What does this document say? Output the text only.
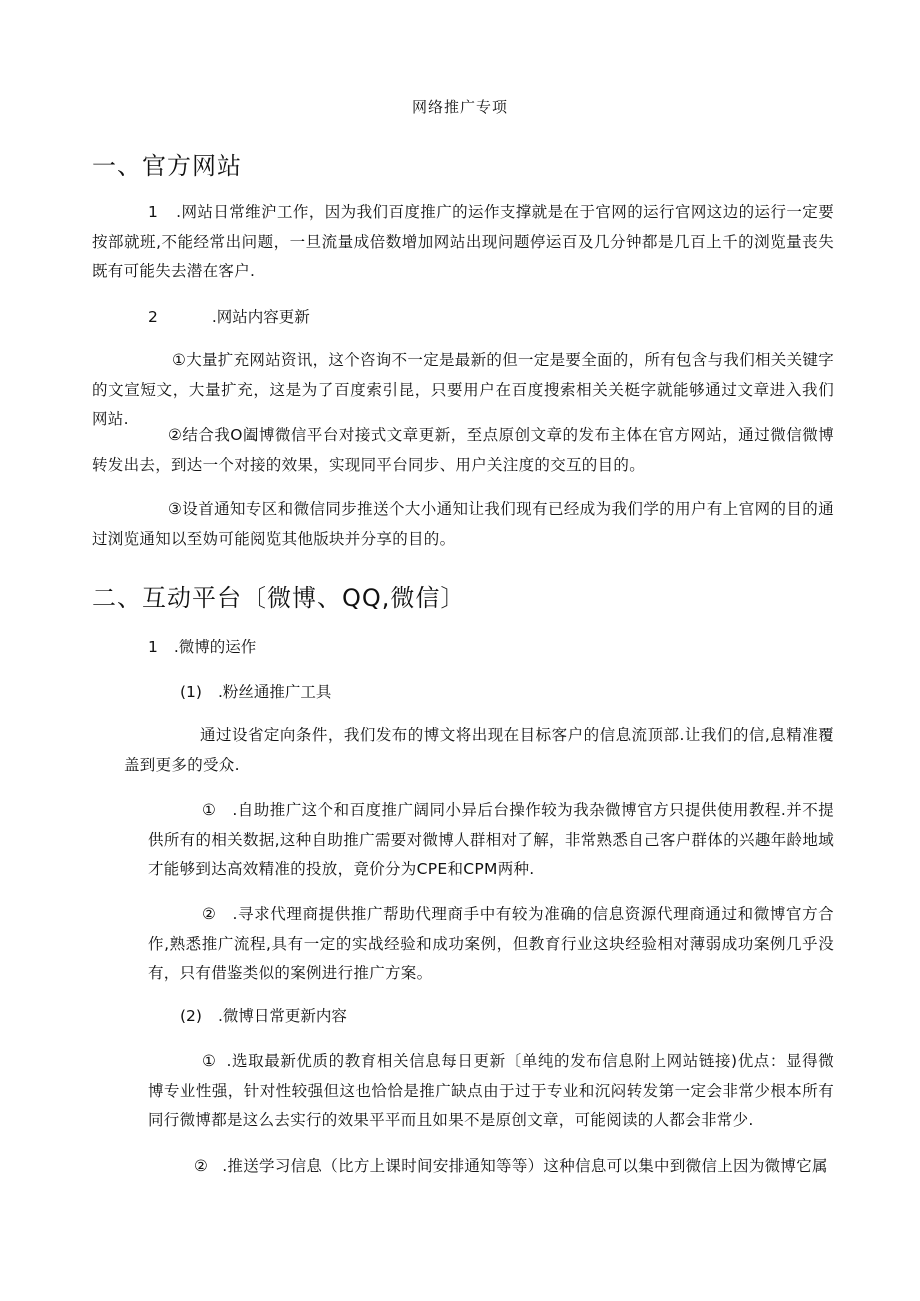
网络推广专项
一、官方网站

1 .网站日常维沪工作，因为我们百度推广的运作支撑就是在于官网的运行官网这边的运行一定要按部就班,不能经常出问题，一旦流量成倍数增加网站出现问题停运百及几分钟都是几百上千的浏览量丧失既有可能失去潜在客户.

2	.网站内容更新

①大量扩充网站资讯，这个咨询不一定是最新的但一定是要全面的，所有包含与我们相关关键字的文宣短文，大量扩充，这是为了百度索引昆，只要用户在百度搜索相关关梃字就能够通过文章进入我们网站.

②结合我O阖博微信平台对接式文章更新，至点原创文章的发布主体在官方网站，通过微信微博转发出去，到达一个对接的效果，实现同平台同步、用户关注度的交互的目的。

③设首通知专区和微信同步推送个大小通知让我们现有已经成为我们学的用户有上官网的目的通过浏览通知以至妫可能阅览其他版块并分享的目的。

二、互动平台〔微博、QQ,微信〕

1 .微博的运作

(1) .粉丝通推广工具

通过设省定向条件，我们发布的博文将出现在目标客户的信息流顶部.让我们的信,息精准覆盖到更多的受众.

① .自助推广这个和百度推广阔同小异后台操作较为我杂微博官方只提供使用教程.并不提供所有的相关数据,这种自助推广需要对微博人群相对了解，非常熟悉自己客户群体的兴趣年龄地域才能够到达高效精准的投放，竟价分为CPE和CPM两种.

② .寻求代理商提供推广帮助代理商手中有较为准确的信息资源代理商通过和微博官方合作,熟悉推广流程,具有一定的实战经验和成功案例，但教育行业这块经验相对薄弱成功案例几乎没有，只有借鉴类似的案例进行推广方案。

(2) .微博日常更新内容

① .选取最新优质的教育相关信息每日更新〔单纯的发布信息附上网站链接)优点：显得微博专业性强，针对性较强但这也恰恰是推广缺点由于过于专业和沉闷转发第一定会非常少根本所有同行微博都是这么去实行的效果平平而且如果不是原创文章，可能阅读的人都会非常少.

② .推送学习信息（比方上课时间安排通知等等）这种信息可以集中到微信上因为微博它属
